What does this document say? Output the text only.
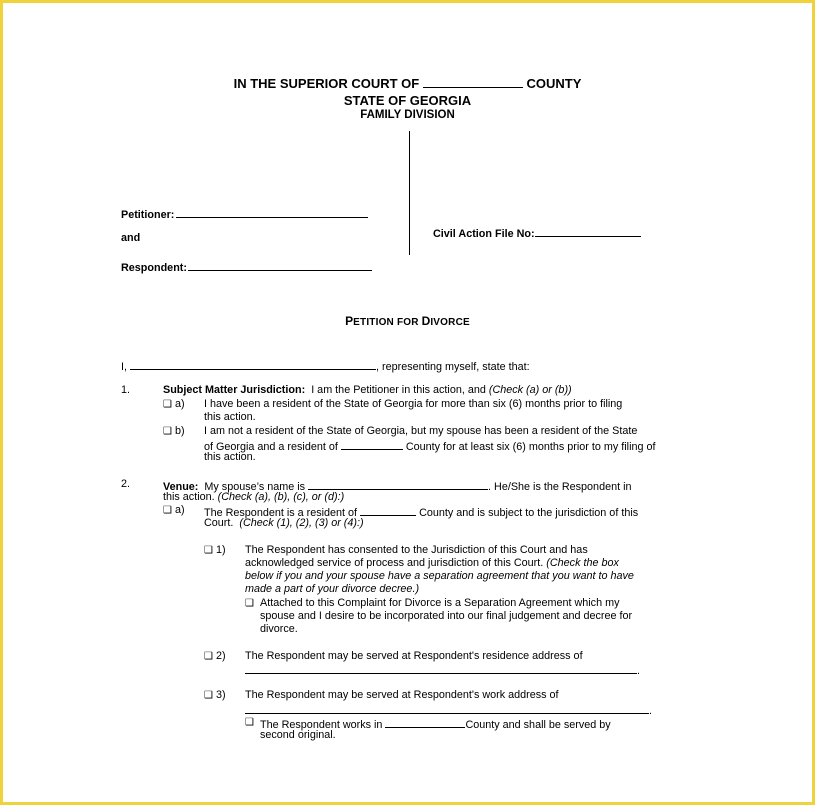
IN THE SUPERIOR COURT OF	COUNTY
STATE OF GEORGIA
FAMILY DIVISION
Petitioner:
and
Respondent:
Civil Action File No:
PETITION FOR DIVORCE
I,	, representing myself, state that:
1.	Subject Matter Jurisdiction: I am the Petitioner in this action, and (Check (a) or (b))
❑ a) I have been a resident of the State of Georgia for more than six (6) months prior to filing
this action.
❑ b) I am not a resident of the State of Georgia, but my spouse has been a resident of the State
of Georgia and a resident of	County for at least six (6) months prior to my filing of
this action.
2.	Venue: My spouse’s name is	. He/She is the Respondent in
this action. (Check (a), (b), (c), or (d):)
❑ a) The Respondent is a resident of	County and is subject to the jurisdiction of this
Court. (Check (1), (2), (3) or (4):)
❑ 1) The Respondent has consented to the Jurisdiction of this Court and has
acknowledged service of process and jurisdiction of this Court. (Check the box
below if you and your spouse have a separation agreement that you want to have
made a part of your divorce decree.)
❑ Attached to this Complaint for Divorce is a Separation Agreement which my
spouse and I desire to be incorporated into our final judgement and decree for
divorce.
❑ 2) The Respondent may be served at Respondent's residence address of
.
❑ 3) The Respondent may be served at Respondent's work address of
.
❑ The Respondent works in	County and shall be served by
second original.
